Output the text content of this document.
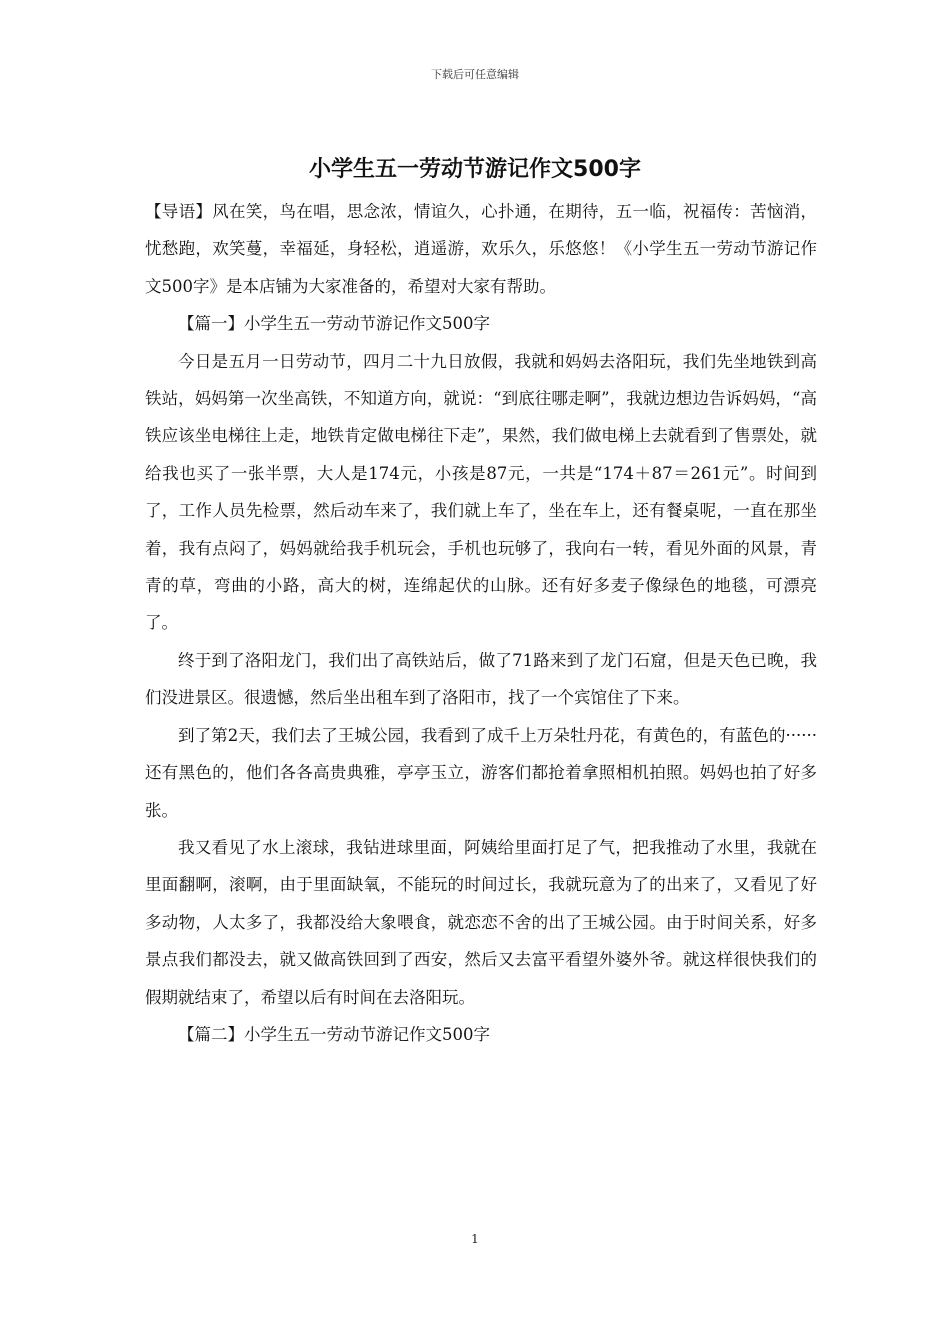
下载后可任意编辑
小学生五一劳动节游记作文500字

【导语】风在笑，鸟在唱，思念浓，情谊久，心扑通，在期待，五一临，祝福传：苦恼消，忧愁跑，欢笑蔓，幸福延，身轻松，逍遥游，欢乐久，乐悠悠！《小学生五一劳动节游记作文500字》是本店铺为大家准备的，希望对大家有帮助。

【篇一】小学生五一劳动节游记作文500字

今日是五月一日劳动节，四月二十九日放假，我就和妈妈去洛阳玩，我们先坐地铁到高铁站，妈妈第一次坐高铁，不知道方向，就说：“到底往哪走啊”，我就边想边告诉妈妈，“高铁应该坐电梯往上走，地铁肯定做电梯往下走”，果然，我们做电梯上去就看到了售票处，就给我也买了一张半票，大人是174元，小孩是87元，一共是“174＋87＝261元”。时间到了，工作人员先检票，然后动车来了，我们就上车了，坐在车上，还有餐桌呢，一直在那坐着，我有点闷了，妈妈就给我手机玩会，手机也玩够了，我向右一转，看见外面的风景，青青的草，弯曲的小路，高大的树，连绵起伏的山脉。还有好多麦子像绿色的地毯，可漂亮了。

终于到了洛阳龙门，我们出了高铁站后，做了71路来到了龙门石窟，但是天色已晚，我们没进景区。很遗憾，然后坐出租车到了洛阳市，找了一个宾馆住了下来。

到了第2天，我们去了王城公园，我看到了成千上万朵牡丹花，有黄色的，有蓝色的······还有黑色的，他们各各高贵典雅，亭亭玉立，游客们都抢着拿照相机拍照。妈妈也拍了好多张。

我又看见了水上滚球，我钻进球里面，阿姨给里面打足了气，把我推动了水里，我就在里面翻啊，滚啊，由于里面缺氧，不能玩的时间过长，我就玩意为了的出来了，又看见了好多动物，人太多了，我都没给大象喂食，就恋恋不舍的出了王城公园。由于时间关系，好多景点我们都没去，就又做高铁回到了西安，然后又去富平看望外婆外爷。就这样很快我们的假期就结束了，希望以后有时间在去洛阳玩。

【篇二】小学生五一劳动节游记作文500字

1
